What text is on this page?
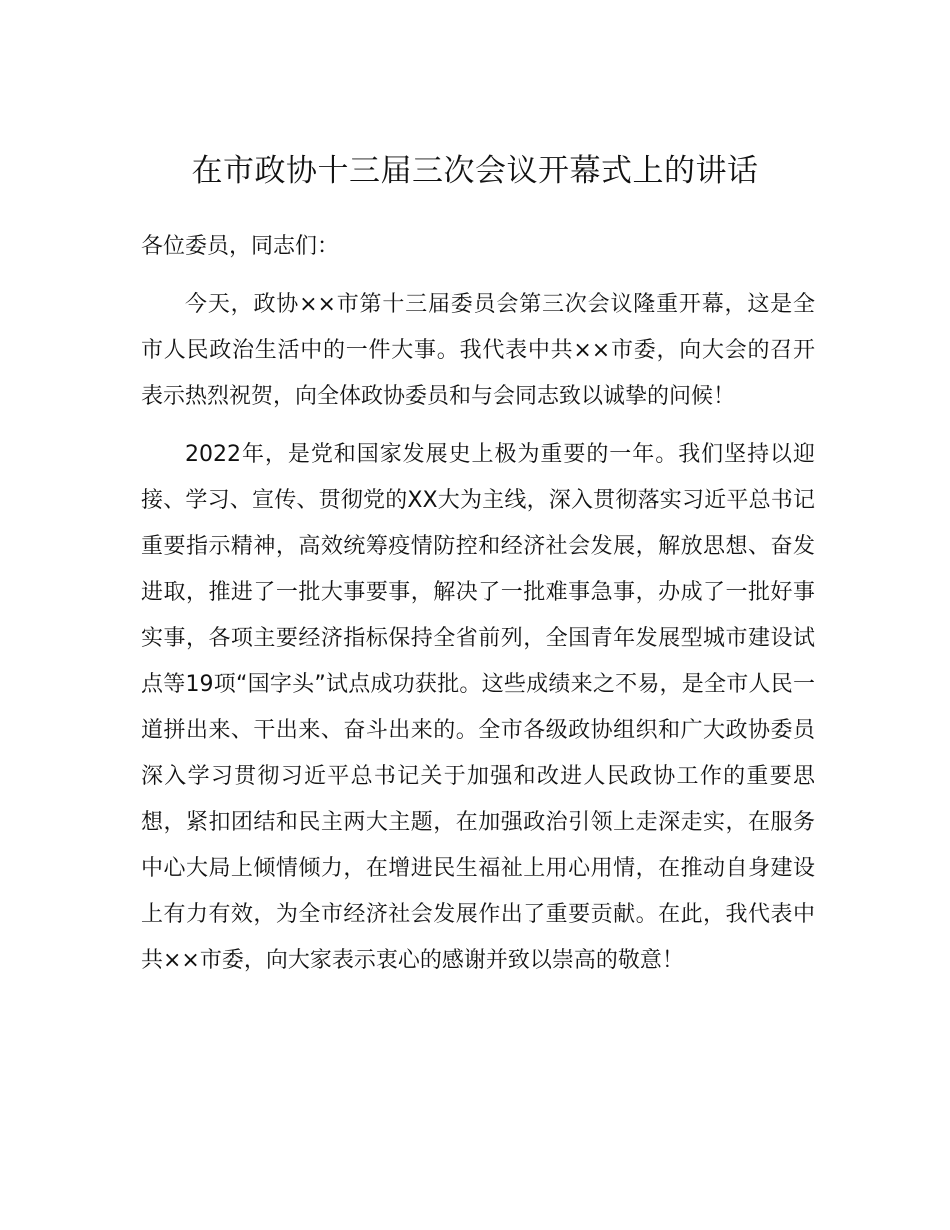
在市政协十三届三次会议开幕式上的讲话

各位委员，同志们：

今天，政协××市第十三届委员会第三次会议隆重开幕，这是全市人民政治生活中的一件大事。我代表中共××市委，向大会的召开表示热烈祝贺，向全体政协委员和与会同志致以诚挚的问候！

2022年，是党和国家发展史上极为重要的一年。我们坚持以迎接、学习、宣传、贯彻党的XX大为主线，深入贯彻落实习近平总书记重要指示精神，高效统筹疫情防控和经济社会发展，解放思想、奋发进取，推进了一批大事要事，解决了一批难事急事，办成了一批好事实事，各项主要经济指标保持全省前列，全国青年发展型城市建设试点等19项“国字头”试点成功获批。这些成绩来之不易，是全市人民一道拼出来、干出来、奋斗出来的。全市各级政协组织和广大政协委员深入学习贯彻习近平总书记关于加强和改进人民政协工作的重要思想，紧扣团结和民主两大主题，在加强政治引领上走深走实，在服务中心大局上倾情倾力，在增进民生福祉上用心用情，在推动自身建设上有力有效，为全市经济社会发展作出了重要贡献。在此，我代表中共××市委，向大家表示衷心的感谢并致以崇高的敬意！
